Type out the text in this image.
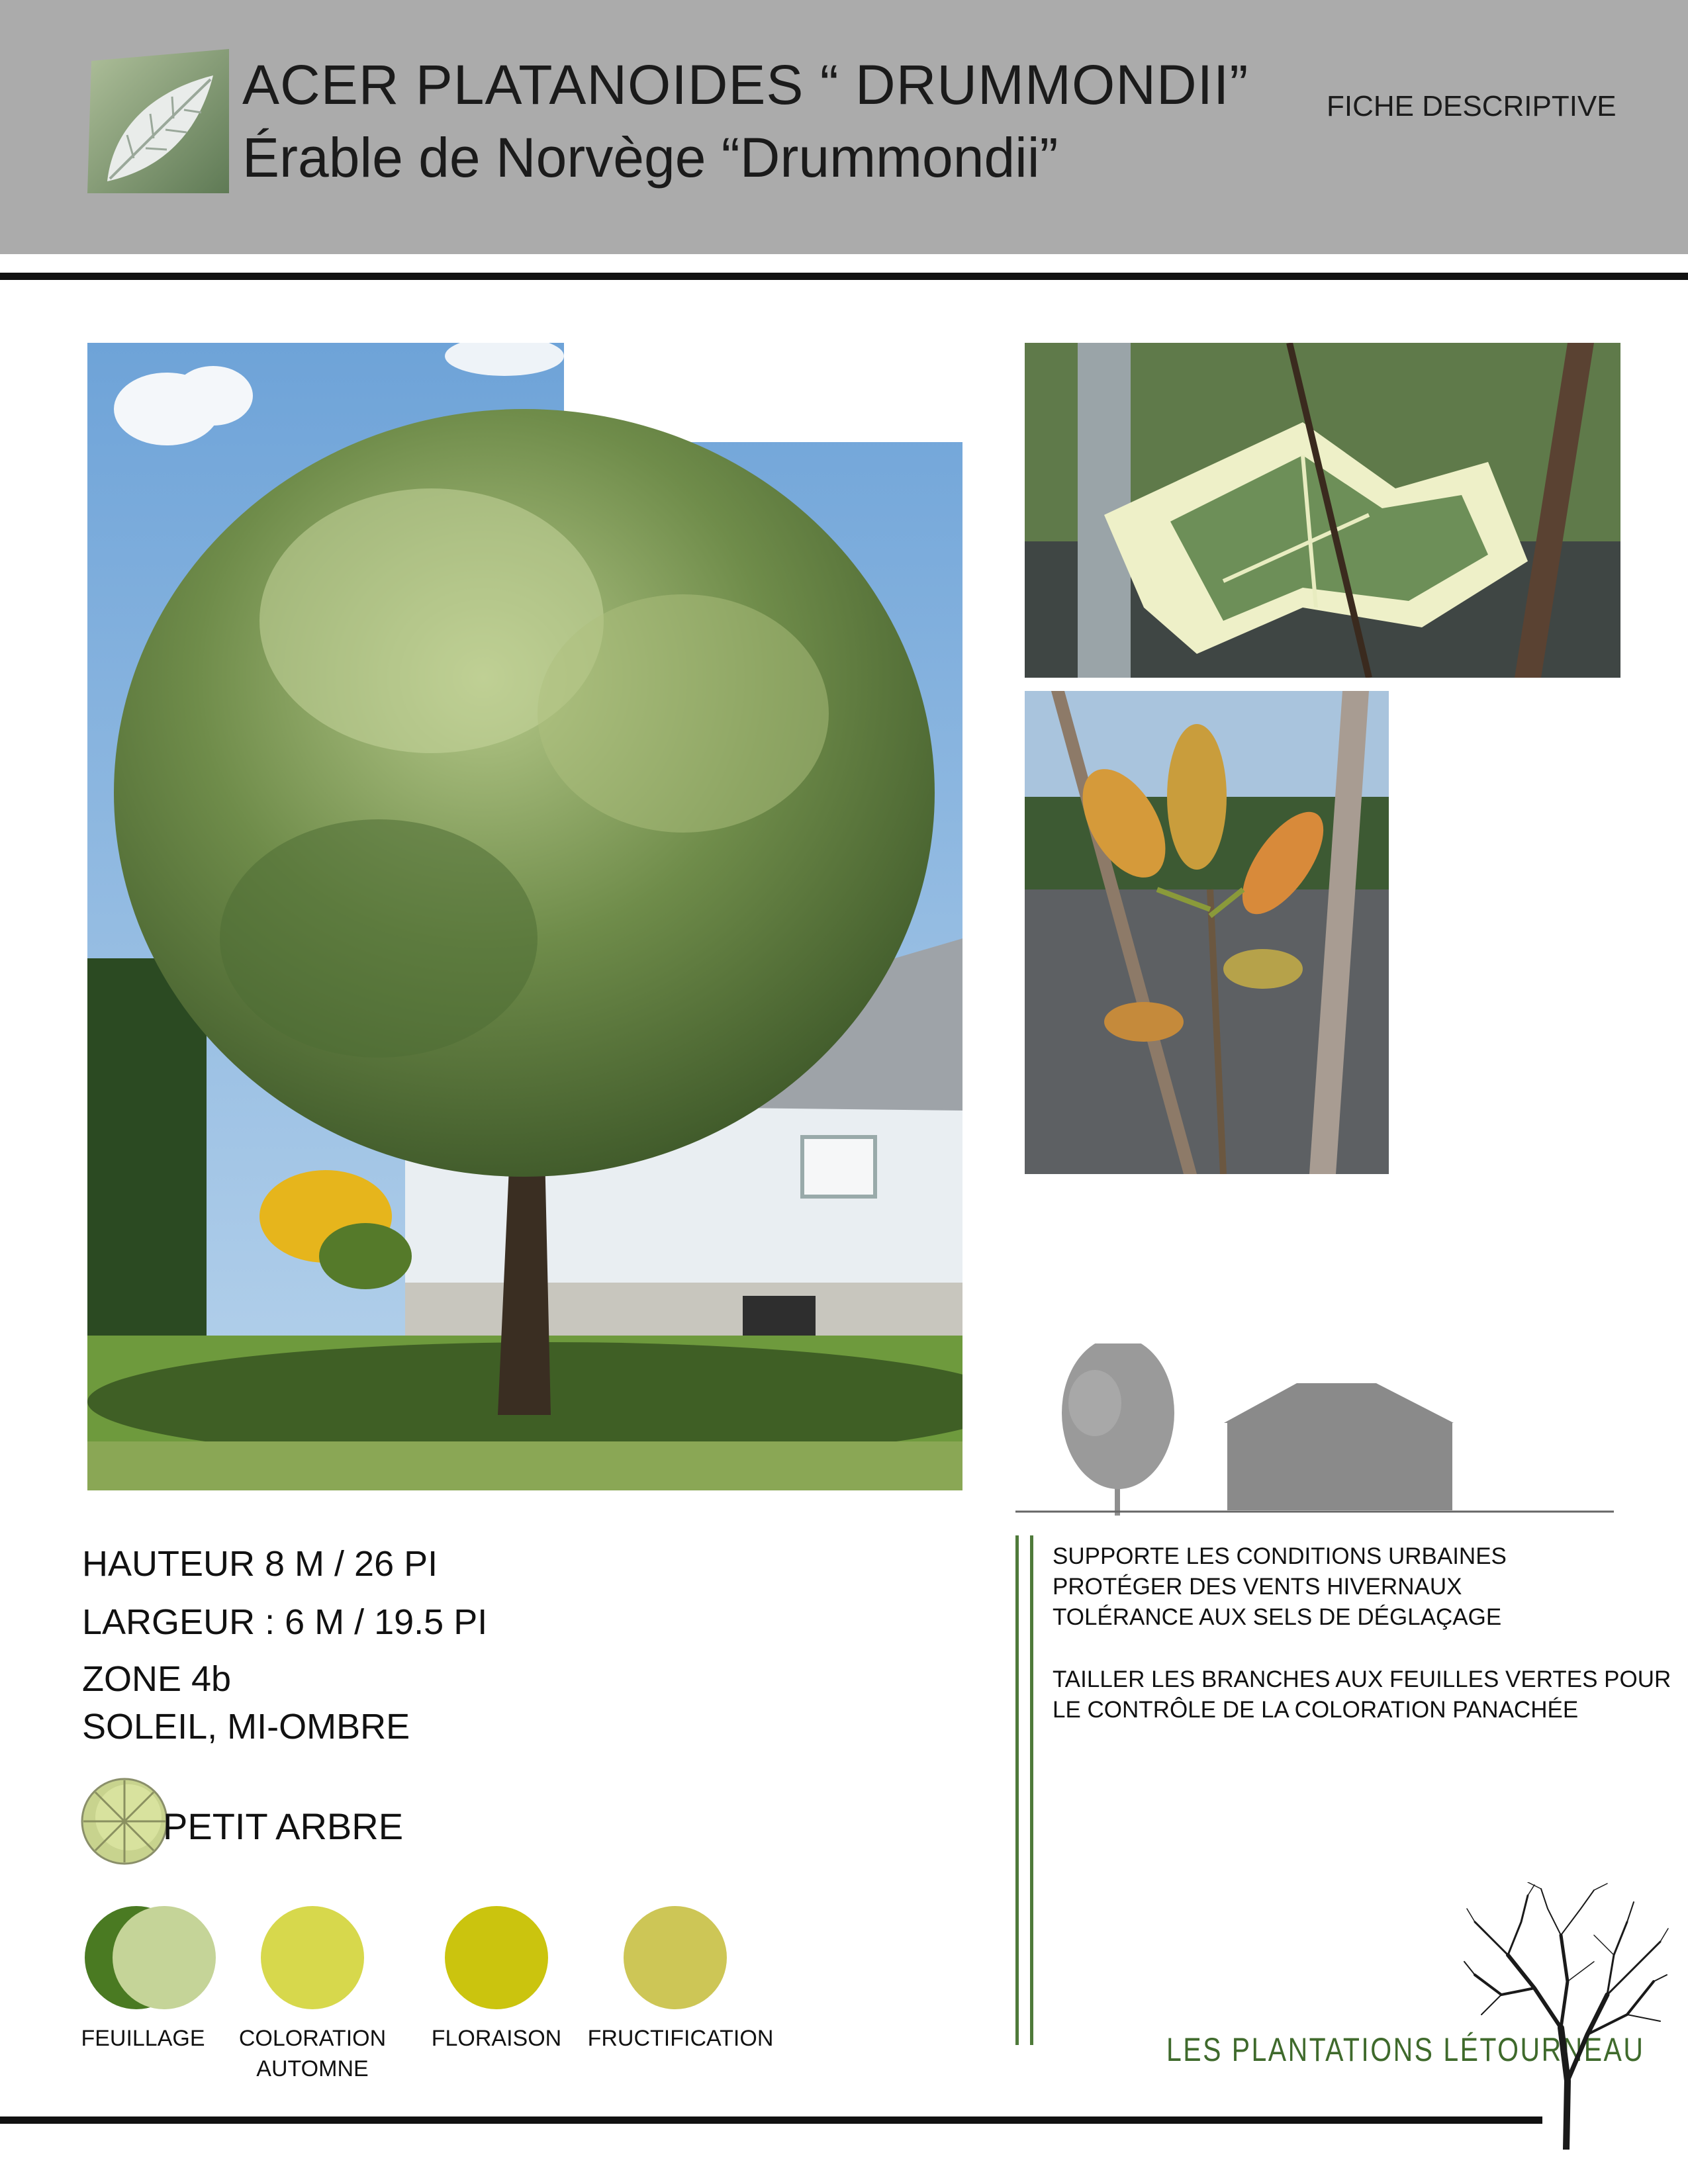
ACER PLATANOIDES “ DRUMMONDII”
Érable de Norvège “Drummondii”
FICHE DESCRIPTIVE
HAUTEUR 8 M / 26 PI
LARGEUR : 6 M / 19.5 PI
ZONE 4b
SOLEIL, MI-OMBRE
PETIT ARBRE
FEUILLAGE	COLORATION
AUTOMNE
FLORAISON	FRUCTIFICATION
SUPPORTE LES CONDITIONS URBAINES
PROTÉGER DES VENTS HIVERNAUX
TOLÉRANCE AUX SELS DE DÉGLAÇAGE
TAILLER LES BRANCHES AUX FEUILLES VERTES POUR
LE CONTRÔLE DE LA COLORATION PANACHÉE
LES PLANTATIONS LÉTOURNEAU
